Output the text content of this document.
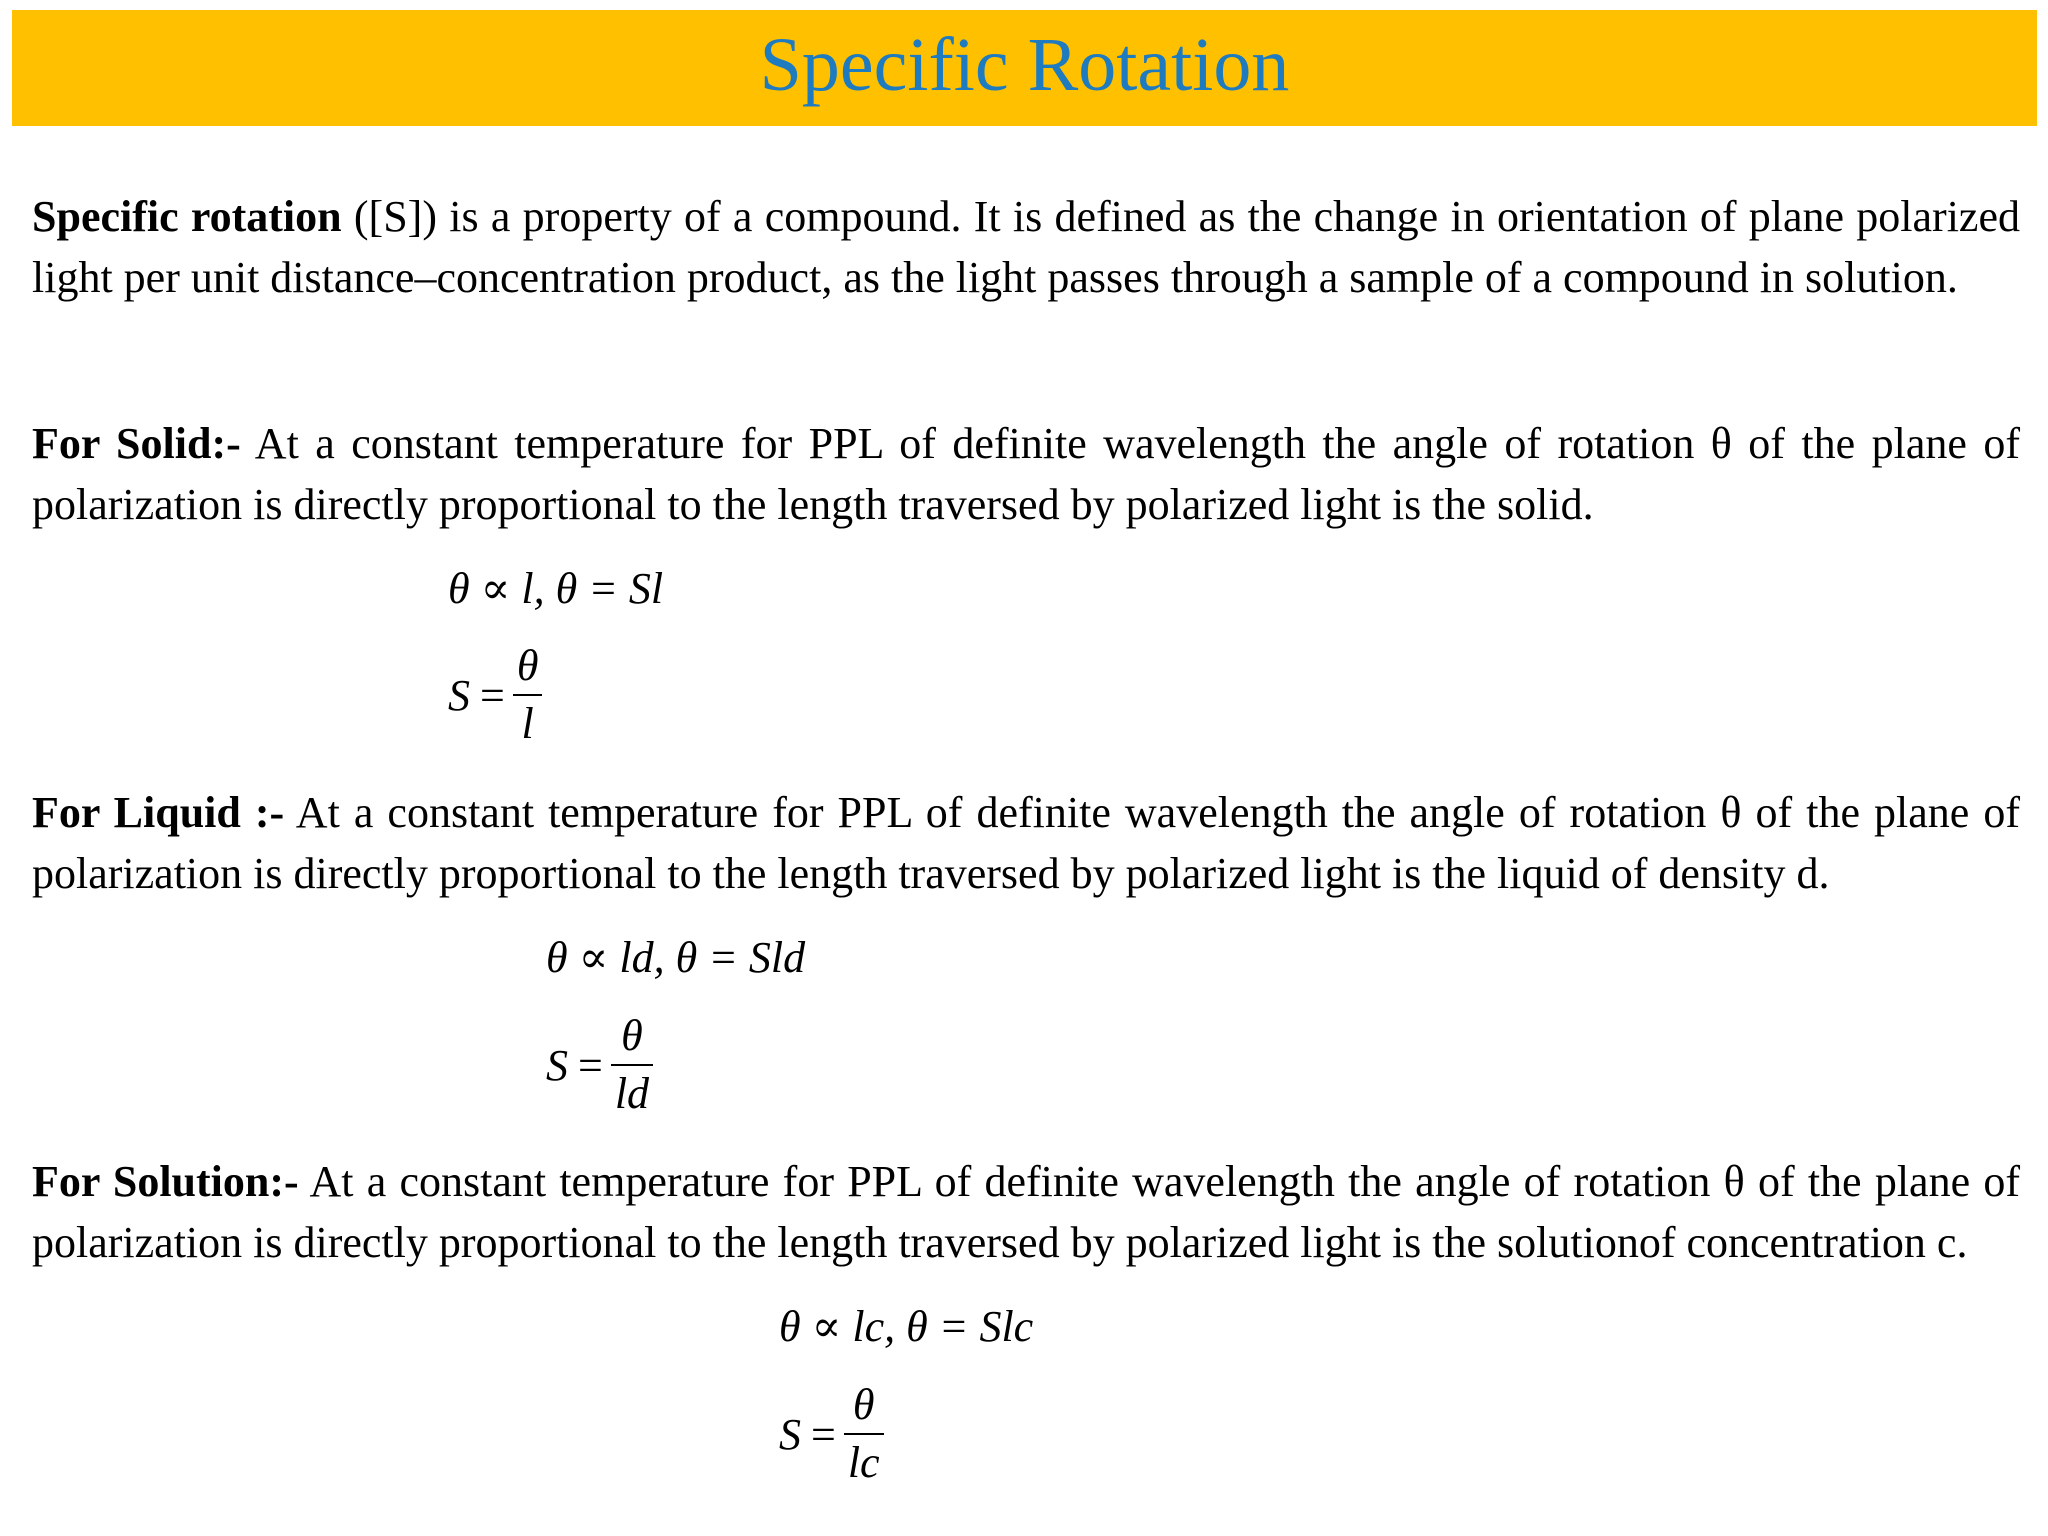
Specific Rotation

Specific rotation ([S]) is a property of a compound. It is defined as the change in orientation of plane polarized light per unit distance–concentration product, as the light passes through a sample of a compound in solution.

For Solid:- At a constant temperature for PPL of definite wavelength the angle of rotation θ of the plane of polarization is directly proportional to the length traversed by polarized light is the solid.

θ ∝ l, θ = Sl
$S = \frac{\theta}{l}$

For Liquid :- At a constant temperature for PPL of definite wavelength the angle of rotation θ of the plane of polarization is directly proportional to the length traversed by polarized light is the liquid of density d.

θ ∝ ld, θ = Sld
$S = \frac{\theta}{ld}$

For Solution:- At a constant temperature for PPL of definite wavelength the angle of rotation θ of the plane of polarization is directly proportional to the length traversed by polarized light is the solutionof concentration c.

θ ∝ lc, θ = Slc
$S = \frac{\theta}{lc}$
